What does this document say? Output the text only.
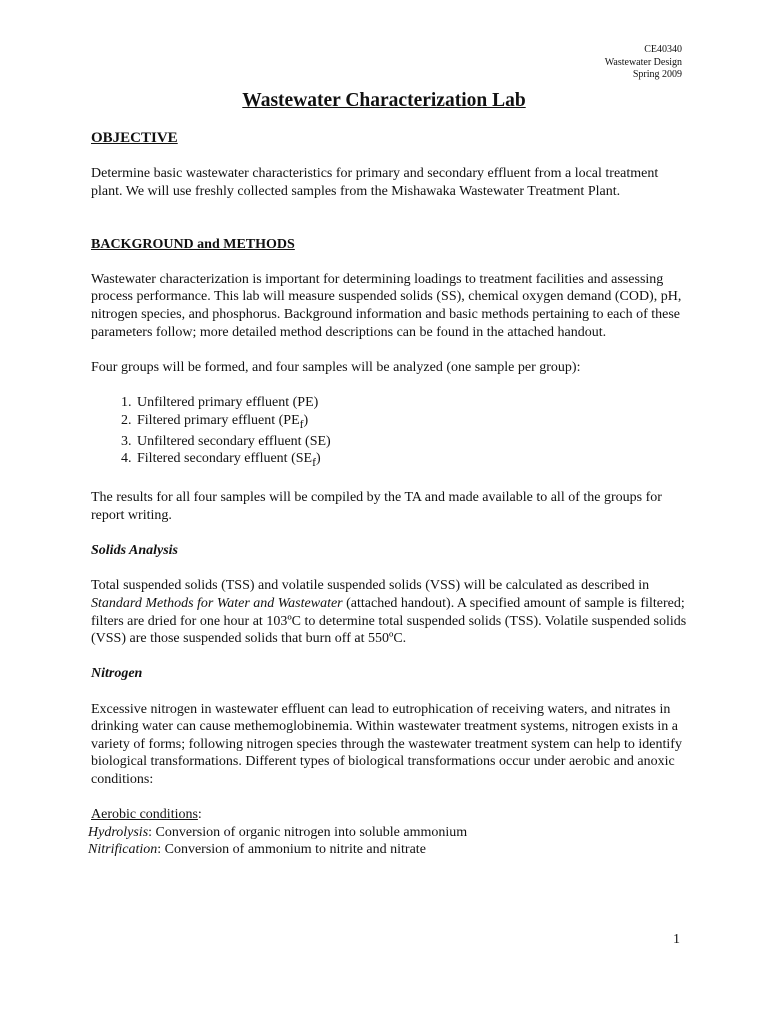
CE40340
Wastewater Design
Spring 2009
Wastewater Characterization Lab

OBJECTIVE

Determine basic wastewater characteristics for primary and secondary effluent from a local treatment plant. We will use freshly collected samples from the Mishawaka Wastewater Treatment Plant.

BACKGROUND and METHODS

Wastewater characterization is important for determining loadings to treatment facilities and assessing process performance. This lab will measure suspended solids (SS), chemical oxygen demand (COD), pH, nitrogen species, and phosphorus. Background information and basic methods pertaining to each of these parameters follow; more detailed method descriptions can be found in the attached handout.

Four groups will be formed, and four samples will be analyzed (one sample per group):

1. Unfiltered primary effluent (PE)
2. Filtered primary effluent $(PE_f)$
3. Unfiltered secondary effluent (SE)
4. Filtered secondary effluent $(SE_f)$

The results for all four samples will be compiled by the TA and made available to all of the groups for report writing.

Solids Analysis

Total suspended solids (TSS) and volatile suspended solids (VSS) will be calculated as described in Standard Methods for Water and Wastewater (attached handout). A specified amount of sample is filtered; filters are dried for one hour at 103ºC to determine total suspended solids (TSS). Volatile suspended solids (VSS) are those suspended solids that burn off at 550ºC.

Nitrogen

Excessive nitrogen in wastewater effluent can lead to eutrophication of receiving waters, and nitrates in drinking water can cause methemoglobinemia. Within wastewater treatment systems, nitrogen exists in a variety of forms; following nitrogen species through the wastewater treatment system can help to identify biological transformations. Different types of biological transformations occur under aerobic and anoxic conditions:

Aerobic conditions:

Hydrolysis: Conversion of organic nitrogen into soluble ammonium

Nitrification: Conversion of ammonium to nitrite and nitrate

1
